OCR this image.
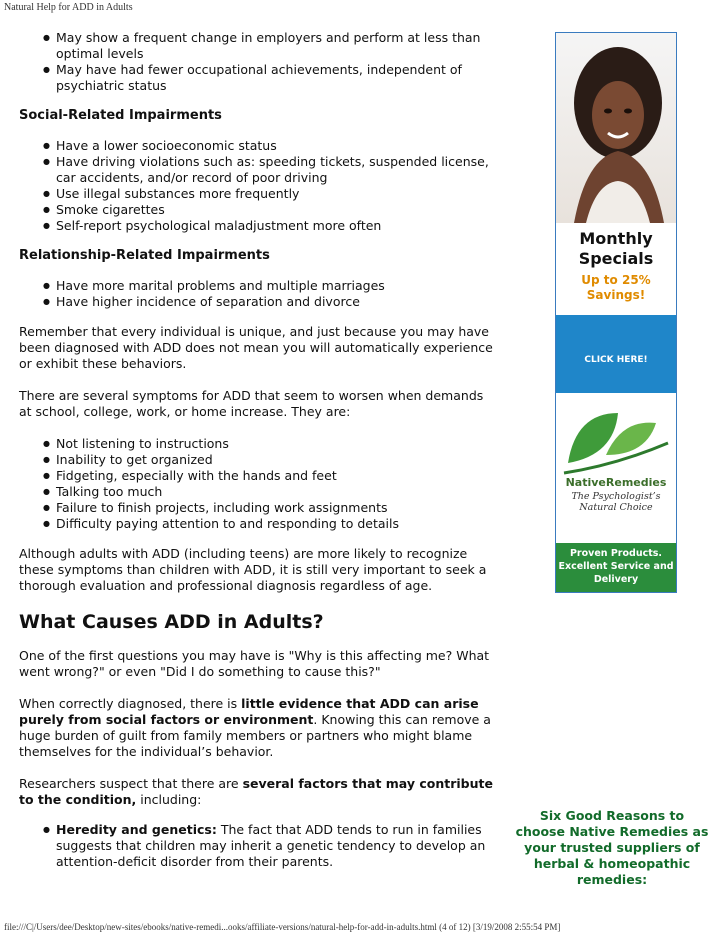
Natural Help for ADD in Adults
● May show a frequent change in employers and perform at less than optimal levels
● May have had fewer occupational achievements, independent of psychiatric status
Social-Related Impairments
● Have a lower socioeconomic status
● Have driving violations such as: speeding tickets, suspended license, car accidents, and/or record of poor driving
● Use illegal substances more frequently
● Smoke cigarettes
● Self-report psychological maladjustment more often
Relationship-Related Impairments
● Have more marital problems and multiple marriages
● Have higher incidence of separation and divorce

Remember that every individual is unique, and just because you may have been diagnosed with ADD does not mean you will automatically experience or exhibit these behaviors.

There are several symptoms for ADD that seem to worsen when demands at school, college, work, or home increase. They are:

● Not listening to instructions
● Inability to get organized
● Fidgeting, especially with the hands and feet
● Talking too much
● Failure to finish projects, including work assignments
● Difficulty paying attention to and responding to details

Although adults with ADD (including teens) are more likely to recognize these symptoms than children with ADD, it is still very important to seek a thorough evaluation and professional diagnosis regardless of age.

What Causes ADD in Adults?

One of the first questions you may have is "Why is this affecting me? What went wrong?" or even "Did I do something to cause this?"

When correctly diagnosed, there is little evidence that ADD can arise purely from social factors or environment. Knowing this can remove a huge burden of guilt from family members or partners who might blame themselves for the individual’s behavior.

Researchers suspect that there are several factors that may contribute to the condition, including:

● Heredity and genetics: The fact that ADD tends to run in families suggests that children may inherit a genetic tendency to develop an attention-deficit disorder from their parents.
Monthly Specials
Up to 25% Savings!
CLICK HERE!
NativeRemedies
The Psychologist’s Natural Choice
Proven Products. Excellent Service and Delivery
Six Good Reasons to choose Native Remedies as your trusted suppliers of herbal & homeopathic remedies:
file:///C|/Users/dee/Desktop/new-sites/ebooks/native-remedi...ooks/affiliate-versions/natural-help-for-add-in-adults.html (4 of 12) [3/19/2008 2:55:54 PM]
